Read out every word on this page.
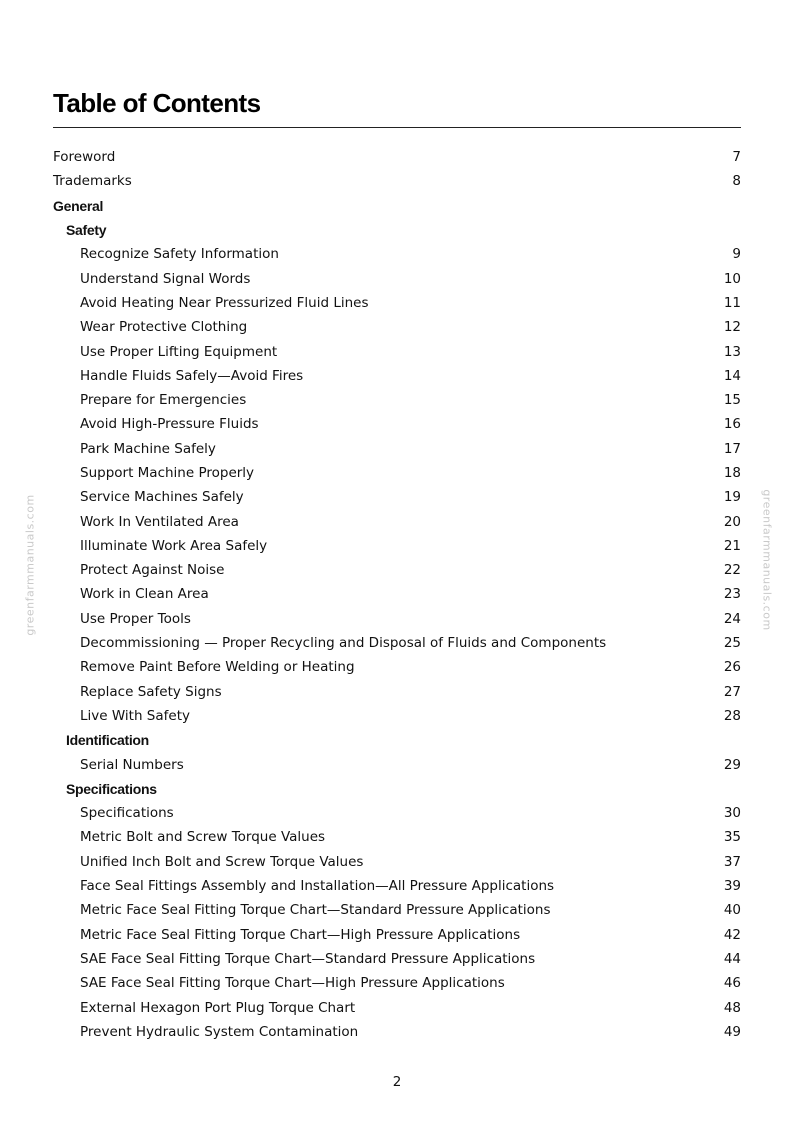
Table of Contents
Foreword	7
Trademarks	8
General
Safety
Recognize Safety Information	9
Understand Signal Words	10
Avoid Heating Near Pressurized Fluid Lines	11
Wear Protective Clothing	12
Use Proper Lifting Equipment	13
Handle Fluids Safely—Avoid Fires	14
Prepare for Emergencies	15
Avoid High-Pressure Fluids	16
Park Machine Safely	17
Support Machine Properly	18
Service Machines Safely	19
Work In Ventilated Area	20
Illuminate Work Area Safely	21
Protect Against Noise	22
Work in Clean Area	23
Use Proper Tools	24
Decommissioning — Proper Recycling and Disposal of Fluids and Components	25
Remove Paint Before Welding or Heating	26
Replace Safety Signs	27
Live With Safety	28
Identification
Serial Numbers	29
Specifications
Specifications	30
Metric Bolt and Screw Torque Values	35
Unified Inch Bolt and Screw Torque Values	37
Face Seal Fittings Assembly and Installation—All Pressure Applications	39
Metric Face Seal Fitting Torque Chart—Standard Pressure Applications	40
Metric Face Seal Fitting Torque Chart—High Pressure Applications	42
SAE Face Seal Fitting Torque Chart—Standard Pressure Applications	44
SAE Face Seal Fitting Torque Chart—High Pressure Applications	46
External Hexagon Port Plug Torque Chart	48
Prevent Hydraulic System Contamination	49
2
greenfarmmanuals.com	greenfarmmanuals.com
